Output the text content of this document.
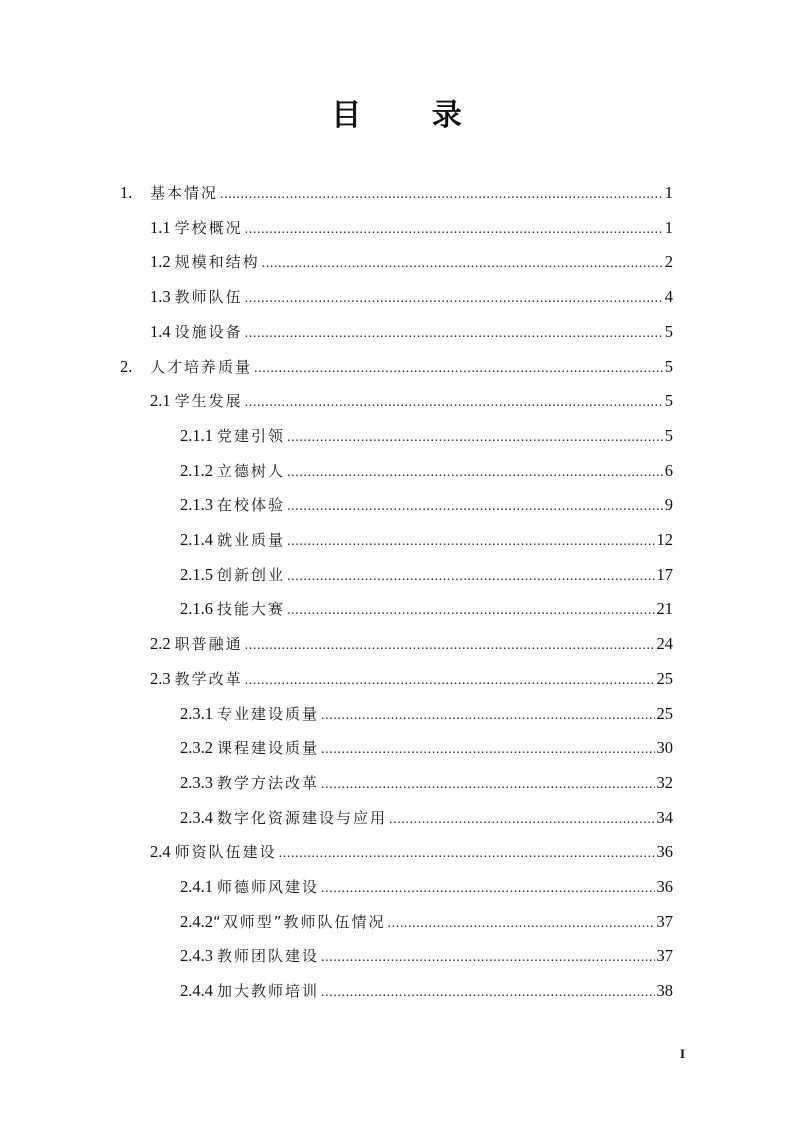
目 录
1.	基本情况 .....	1
1.1 学校概况 .....	1
1.2 规模和结构 .....	2
1.3 教师队伍 .....	4
1.4 设施设备 .....	5
2.	人才培养质量 .....	5
2.1 学生发展 .....	5
2.1.1 党建引领 .....	5
2.1.2 立德树人 .....	6
2.1.3 在校体验 .....	9
2.1.4 就业质量 .....	12
2.1.5 创新创业 .....	17
2.1.6 技能大赛 .....	21
2.2 职普融通 .....	24
2.3 教学改革 .....	25
2.3.1 专业建设质量 .....	25
2.3.2 课程建设质量 .....	30
2.3.3 教学方法改革 .....	32
2.3.4 数字化资源建设与应用 .....	34
2.4 师资队伍建设 .....	36
2.4.1 师德师风建设 .....	36
2.4.2 “双师型”教师队伍情况 .....	37
2.4.3 教师团队建设 .....	37
2.4.4 加大教师培训 .....	38
I
